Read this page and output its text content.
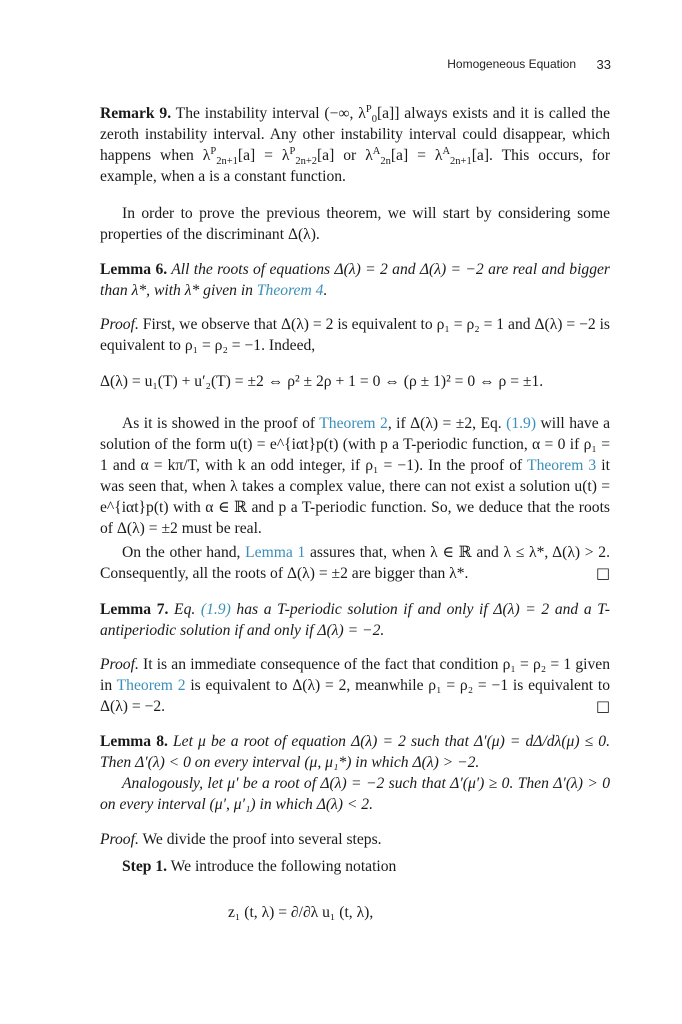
Homogeneous Equation 33
Remark 9. The instability interval (−∞, $\lambda^P_0[a]$] always exists and it is called the zeroth instability interval. Any other instability interval could disappear, which happens when $\lambda^P_{2n+1}[a] = \lambda^P_{2n+2}[a]$ or $\lambda^A_{2n}[a] = \lambda^A_{2n+1}[a]$. This occurs, for example, when a is a constant function.
In order to prove the previous theorem, we will start by considering some properties of the discriminant Δ(λ).
Lemma 6. All the roots of equations Δ(λ) = 2 and Δ(λ) = −2 are real and bigger than λ*, with λ* given in Theorem 4.
Proof. First, we observe that Δ(λ) = 2 is equivalent to ρ₁ = ρ₂ = 1 and Δ(λ) = −2 is equivalent to ρ₁ = ρ₂ = −1. Indeed,
Δ(λ) = u₁(T) + u′₂(T) = ±2 ⇔ ρ² ± 2ρ + 1 = 0 ⇔ (ρ ± 1)² = 0 ⇔ ρ = ±1.
As it is showed in the proof of Theorem 2, if Δ(λ) = ±2, Eq. (1.9) will have a solution of the form u(t) = e^{iαt}p(t) (with p a T-periodic function, α = 0 if ρ₁ = 1 and α = kπ/T, with k an odd integer, if ρ₁ = −1). In the proof of Theorem 3 it was seen that, when λ takes a complex value, there can not exist a solution u(t) = e^{iαt}p(t) with α ∈ ℝ and p a T-periodic function. So, we deduce that the roots of Δ(λ) = ±2 must be real.
On the other hand, Lemma 1 assures that, when λ ∈ ℝ and λ ≤ λ*, Δ(λ) > 2. Consequently, all the roots of Δ(λ) = ±2 are bigger than λ*.	□
Lemma 7. Eq. (1.9) has a T-periodic solution if and only if Δ(λ) = 2 and a T-antiperiodic solution if and only if Δ(λ) = −2.
Proof. It is an immediate consequence of the fact that condition ρ₁ = ρ₂ = 1 given in Theorem 2 is equivalent to Δ(λ) = 2, meanwhile ρ₁ = ρ₂ = −1 is equivalent to Δ(λ) = −2.	□
Lemma 8. Let μ be a root of equation Δ(λ) = 2 such that Δ′(μ) = dΔ/dλ(μ) ≤ 0. Then Δ′(λ) < 0 on every interval (μ, μ₁*) in which Δ(λ) > −2.
Analogously, let μ′ be a root of Δ(λ) = −2 such that Δ′(μ′) ≥ 0. Then Δ′(λ) > 0 on every interval (μ′, μ′₁) in which Δ(λ) < 2.
Proof. We divide the proof into several steps.
Step 1. We introduce the following notation
z₁ (t, λ) = ∂/∂λ u₁ (t, λ),
